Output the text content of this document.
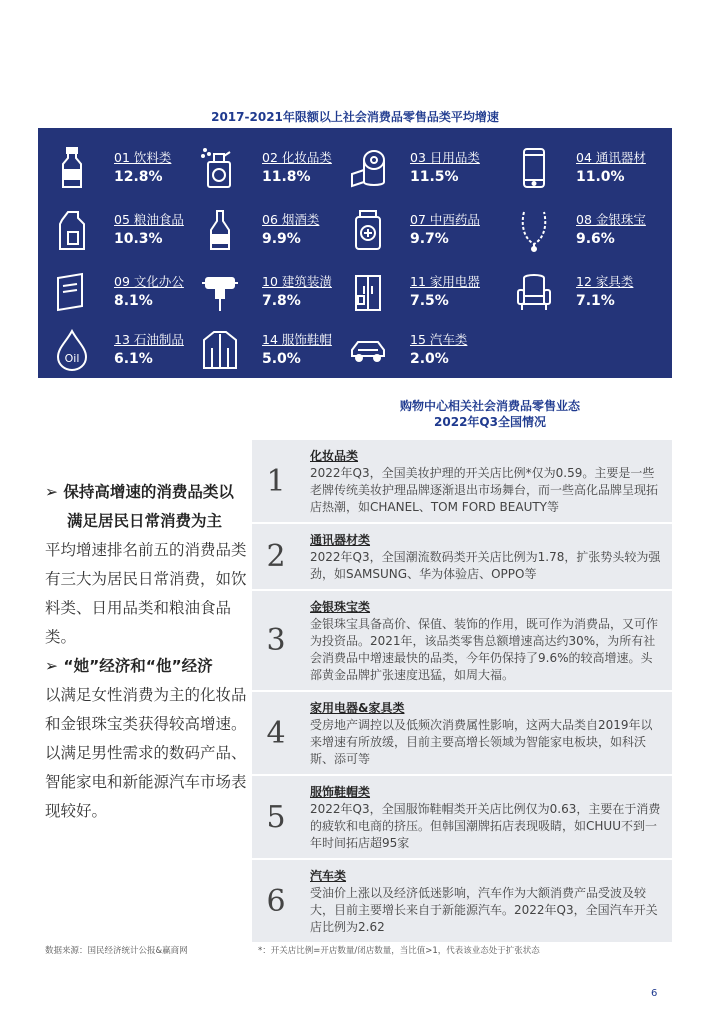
2017-2021年限额以上社会消费品零售品类平均增速
01 饮料类
12.8%
02 化妆品类
11.8%
03 日用品类
11.5%
04 通讯器材
11.0%
05 粮油食品
10.3%
06 烟酒类
9.9%
07 中西药品
9.7%
08 金银珠宝
9.6%
09 文化办公
8.1%
10 建筑装潢
7.8%
11 家用电器
7.5%
12 家具类
7.1%
Oil
13 石油制品
6.1%
14 服饰鞋帽
5.0%
15 汽车类
2.0%
购物中心相关社会消费品零售业态
2022年Q3全国情况
➢ 保持高增速的消费品类以
满足居民日常消费为主
平均增速排名前五的消费品类有三大为居民日常消费，如饮料类、日用品类和粮油食品类。
➢ “她”经济和“他”经济
以满足女性消费为主的化妆品和金银珠宝类获得较高增速。以满足男性需求的数码产品、智能家电和新能源汽车市场表现较好。
1
化妆品类
2022年Q3，全国美妆护理的开关店比例*仅为0.59。主要是一些老牌传统美妆护理品牌逐渐退出市场舞台，而一些高化品牌呈现拓店热潮，如CHANEL、TOM FORD BEAUTY等
2	通讯器材类
2022年Q3，全国潮流数码类开关店比例为1.78，扩张势头较为强劲，如SAMSUNG、华为体验店、OPPO等
3
金银珠宝类
金银珠宝具备高价、保值、装饰的作用，既可作为消费品，又可作为投资品。2021年，该品类零售总额增速高达约30%，为所有社会消费品中增速最快的品类，今年仍保持了9.6%的较高增速。头部黄金品牌扩张速度迅猛，如周大福。
4
家用电器&家具类
受房地产调控以及低频次消费属性影响，这两大品类自2019年以来增速有所放缓，目前主要高增长领域为智能家电板块，如科沃斯、添可等
5
服饰鞋帽类
2022年Q3，全国服饰鞋帽类开关店比例仅为0.63，主要在于消费的疲软和电商的挤压。但韩国潮牌拓店表现吸睛，如CHUU不到一年时间拓店超95家
6
汽车类
受油价上涨以及经济低迷影响，汽车作为大额消费产品受波及较大，目前主要增长来自于新能源汽车。2022年Q3，全国汽车开关店比例为2.62
数据来源：国民经济统计公报&赢商网	*：开关店比例=开店数量/闭店数量，当比值>1，代表该业态处于扩张状态
6
